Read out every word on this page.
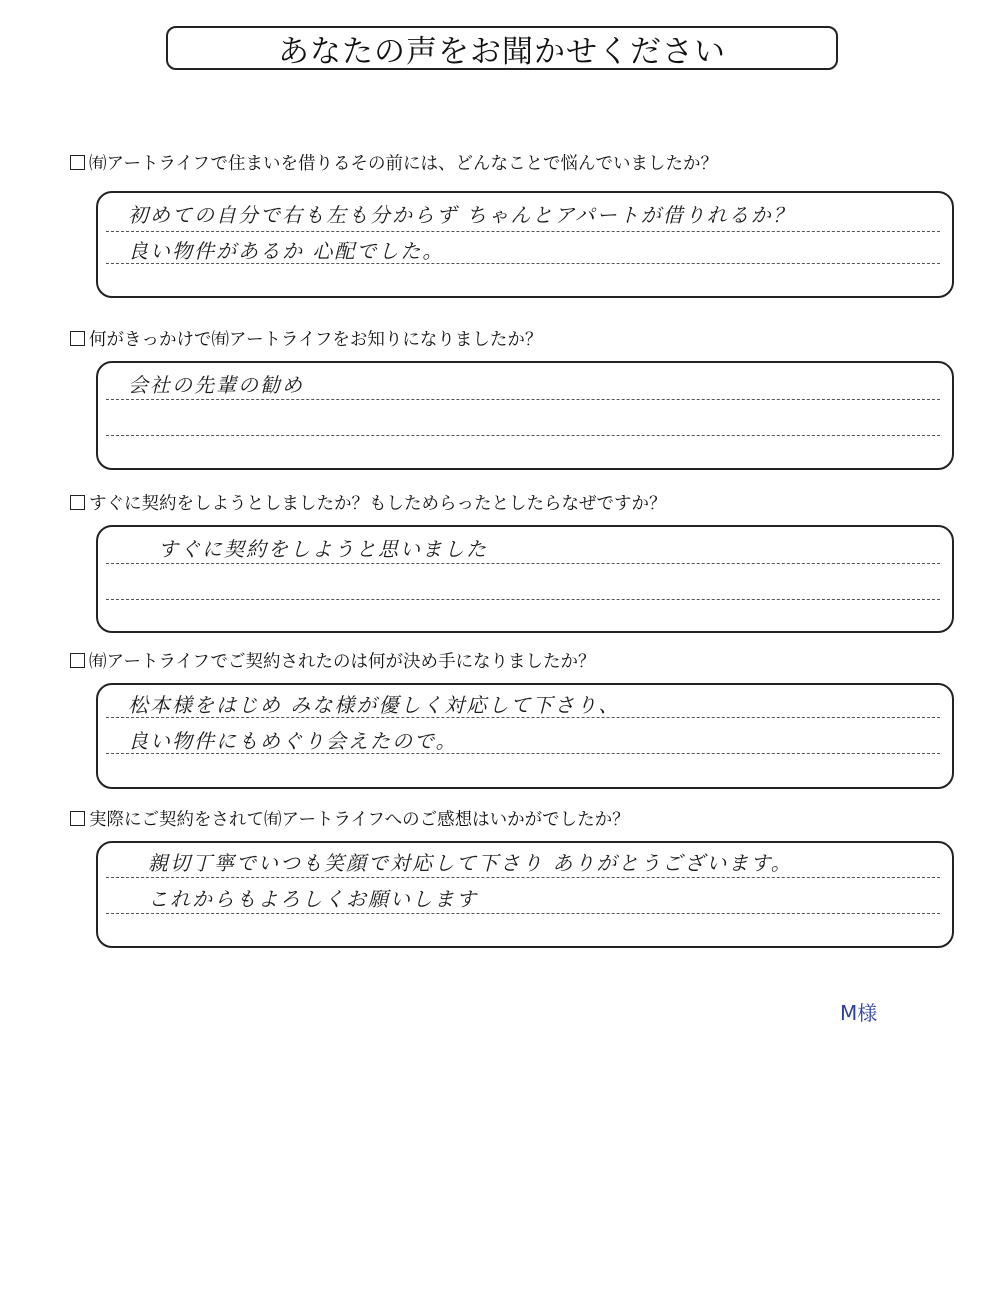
あなたの声をお聞かせください
㈲アートライフで住まいを借りるその前には、どんなことで悩んでいましたか？
初めての自分で右も左も分からず ちゃんとアパートが借りれるか？
良い物件があるか 心配でした。
何がきっかけで㈲アートライフをお知りになりましたか？
会社の先輩の勧め
すぐに契約をしようとしましたか？もしためらったとしたらなぜですか？
すぐに契約をしようと思いました
㈲アートライフでご契約されたのは何が決め手になりましたか？
松本様をはじめ みな様が優しく対応して下さり、
良い物件にもめぐり会えたので。
実際にご契約をされて㈲アートライフへのご感想はいかがでしたか？
親切丁寧でいつも笑顔で対応して下さり ありがとうございます。
これからもよろしくお願いします
M様
